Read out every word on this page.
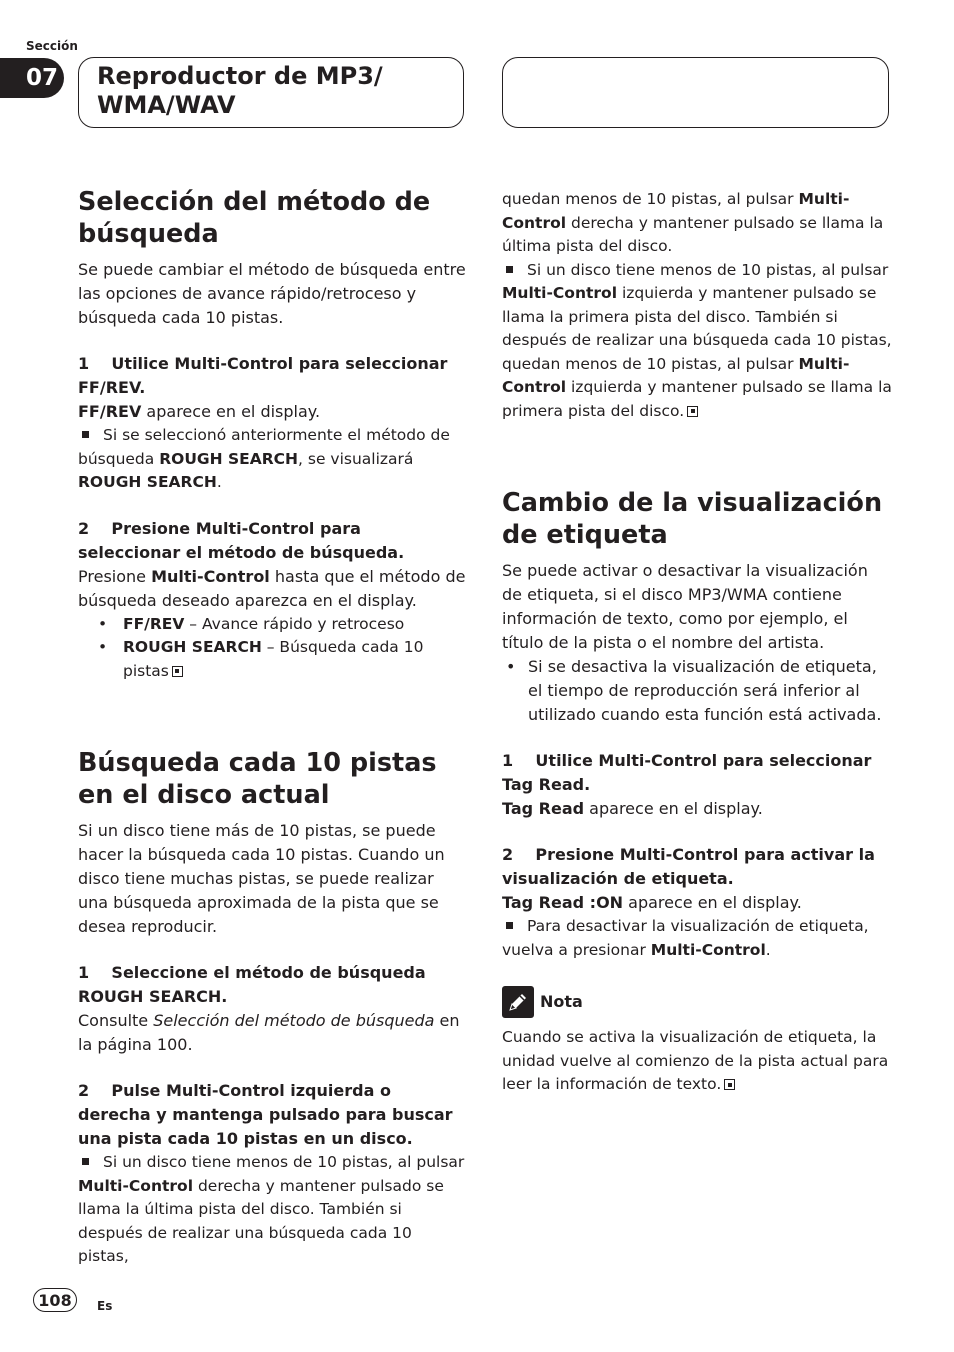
Sección
07 Reproductor de MP3/

WMA/WAV

Selección del método de búsqueda

Se puede cambiar el método de búsqueda entre las opciones de avance rápido/retroceso y búsqueda cada 10 pistas.

1 Utilice Multi-Control para seleccionar FF/REV.

FF/REV aparece en el display.

Si se seleccionó anteriormente el método de búsqueda ROUGH SEARCH, se visualizará ROUGH SEARCH.

2 Presione Multi-Control para seleccionar el método de búsqueda.

Presione Multi-Control hasta que el método de búsqueda deseado aparezca en el display.

• FF/REV – Avance rápido y retroceso
• ROUGH SEARCH – Búsqueda cada 10 pistas
Búsqueda cada 10 pistas en el disco actual

Si un disco tiene más de 10 pistas, se puede hacer la búsqueda cada 10 pistas. Cuando un disco tiene muchas pistas, se puede realizar una búsqueda aproximada de la pista que se desea reproducir.

1 Seleccione el método de búsqueda ROUGH SEARCH.

Consulte Selección del método de búsqueda en la página 100.

2 Pulse Multi-Control izquierda o derecha y mantenga pulsado para buscar una pista cada 10 pistas en un disco.

Si un disco tiene menos de 10 pistas, al pulsar Multi-Control derecha y mantener pulsado se llama la última pista del disco. También si después de realizar una búsqueda cada 10 pistas,

quedan menos de 10 pistas, al pulsar Multi-Control derecha y mantener pulsado se llama la última pista del disco.

Si un disco tiene menos de 10 pistas, al pulsar Multi-Control izquierda y mantener pulsado se llama la primera pista del disco. También si después de realizar una búsqueda cada 10 pistas, quedan menos de 10 pistas, al pulsar Multi-Control izquierda y mantener pulsado se llama la primera pista del disco.

Cambio de la visualización de etiqueta

Se puede activar o desactivar la visualización de etiqueta, si el disco MP3/WMA contiene información de texto, como por ejemplo, el título de la pista o el nombre del artista.

• Si se desactiva la visualización de etiqueta, el tiempo de reproducción será inferior al utilizado cuando esta función está activada.

1 Utilice Multi-Control para seleccionar Tag Read.

Tag Read aparece en el display.

2 Presione Multi-Control para activar la visualización de etiqueta.

Tag Read :ON aparece en el display.

Para desactivar la visualización de etiqueta, vuelva a presionar Multi-Control.

Nota

Cuando se activa la visualización de etiqueta, la unidad vuelve al comienzo de la pista actual para leer la información de texto.

108	Es
